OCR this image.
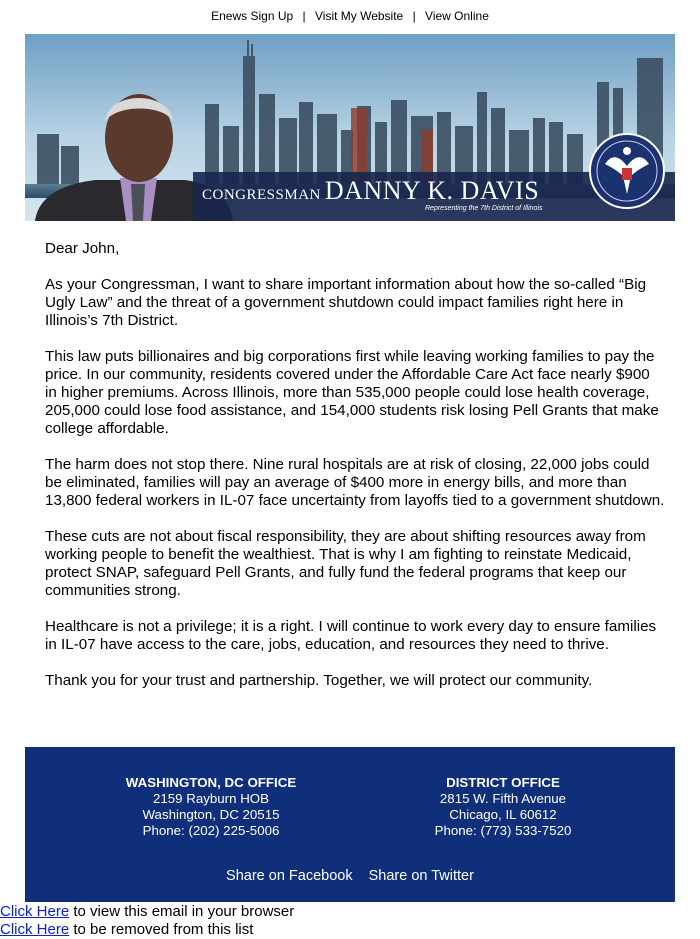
Enews Sign Up | Visit My Website | View Online
CONGRESSMAN DANNY K. DAVIS
Representing the 7th District of Illinois

Dear John,

As your Congressman, I want to share important information about how the so-called “Big Ugly Law” and the threat of a government shutdown could impact families right here in Illinois’s 7th District.

This law puts billionaires and big corporations first while leaving working families to pay the price. In our community, residents covered under the Affordable Care Act face nearly $900 in higher premiums. Across Illinois, more than 535,000 people could lose health coverage, 205,000 could lose food assistance, and 154,000 students risk losing Pell Grants that make college affordable.

The harm does not stop there. Nine rural hospitals are at risk of closing, 22,000 jobs could be eliminated, families will pay an average of $400 more in energy bills, and more than 13,800 federal workers in IL-07 face uncertainty from layoffs tied to a government shutdown.

These cuts are not about fiscal responsibility, they are about shifting resources away from working people to benefit the wealthiest. That is why I am fighting to reinstate Medicaid, protect SNAP, safeguard Pell Grants, and fully fund the federal programs that keep our communities strong.

Healthcare is not a privilege; it is a right. I will continue to work every day to ensure families in IL-07 have access to the care, jobs, education, and resources they need to thrive.

Thank you for your trust and partnership. Together, we will protect our community.

WASHINGTON, DC OFFICE
2159 Rayburn HOB
Washington, DC 20515
Phone: (202) 225-5006
DISTRICT OFFICE
2815 W. Fifth Avenue
Chicago, IL 60612
Phone: (773) 533-7520
Share on Facebook Share on Twitter
Click Here to view this email in your browser
Click Here to be removed from this list
